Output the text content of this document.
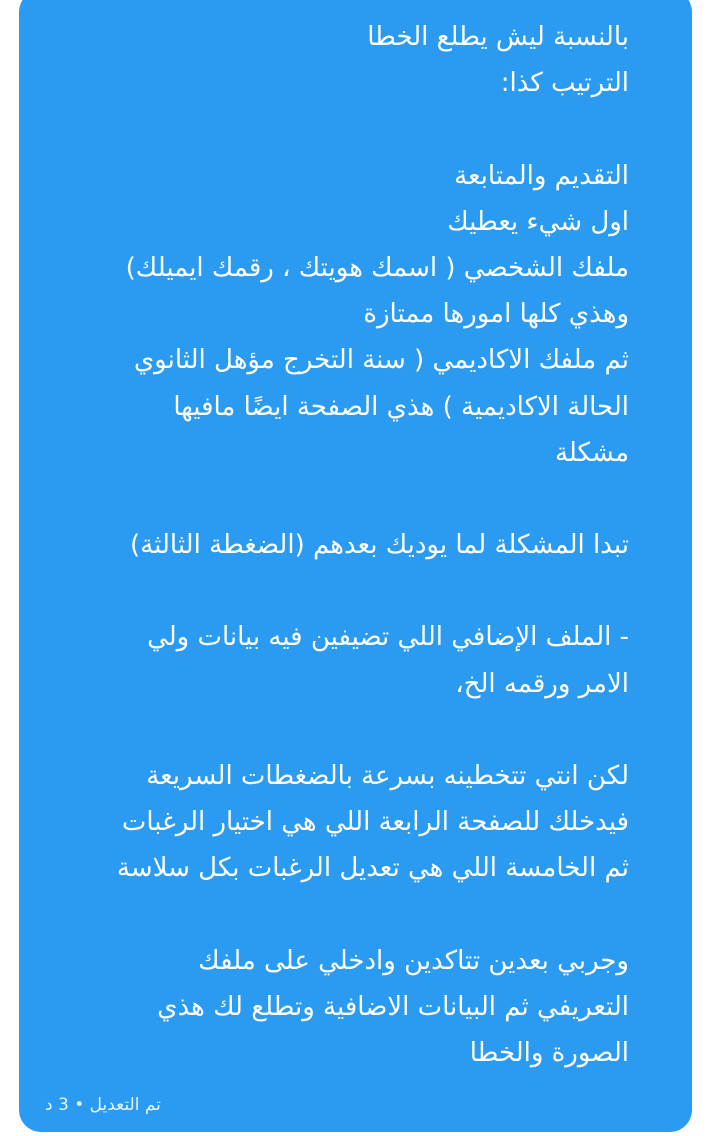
بالنسبة ليش يطلع الخطا
الترتيب كذا:
التقديم والمتابعة
اول شيء يعطيك
ملفك الشخصي ( اسمك هويتك ، رقمك ايميلك)
وهذي كلها امورها ممتازة
ثم ملفك الاكاديمي ( سنة التخرج مؤهل الثانوي
الحالة الاكاديمية ) هذي الصفحة ايضًا مافيها
مشكلة
تبدا المشكلة لما يوديك بعدهم (الضغطة الثالثة)
- الملف الإضافي اللي تضيفين فيه بيانات ولي
الامر ورقمه الخ،
لكن انتي تتخطينه بسرعة بالضغطات السريعة
فيدخلك للصفحة الرابعة اللي هي اختيار الرغبات
ثم الخامسة اللي هي تعديل الرغبات بكل سلاسة
وجربي بعدين تتاكدين وادخلي على ملفك
التعريفي ثم البيانات الاضافية وتطلع لك هذي
الصورة والخطا
تم التعديل • 3 د
